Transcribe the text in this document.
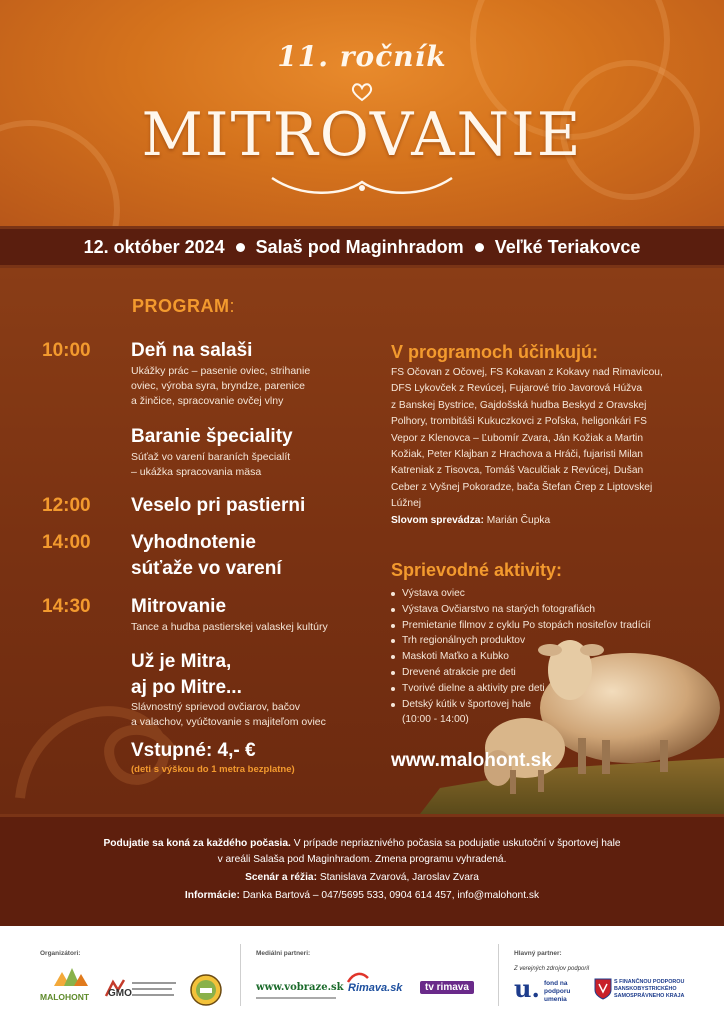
11. ročník
MITROVANIE
12. október 2024 Salaš pod Maginhradom Veľké Teriakovce
PROGRAM:
10:00 Deň na salaši
Ukážky prác – pasenie oviec, strihanie
oviec, výroba syra, bryndze, parenice
a žinčice, spracovanie ovčej vlny
Baranie špeciality
Súťaž vo varení baraních špecialít
– ukážka spracovania mäsa
12:00 Veselo pri pastierni
14:00 Vyhodnotenie
súťaže vo varení
14:30 Mitrovanie
Tance a hudba pastierskej valaskej kultúry
Už je Mitra,
aj po Mitre...
Slávnostný sprievod ovčiarov, bačov
a valachov, vyúčtovanie s majiteľom oviec
Vstupné: 4,- €
(deti s výškou do 1 metra bezplatne)
V programoch účinkujú:
FS Očovan z Očovej, FS Kokavan z Kokavy nad Rimavicou,
DFS Lykovček z Revúcej, Fujarové trio Javorová Húžva
z Banskej Bystrice, Gajdošská hudba Beskyd z Oravskej
Polhory, trombitáši Kukuczkovci z Poľska, heligonkári FS
Vepor z Klenovca – Ľubomír Zvara, Ján Kožiak a Martin
Kožiak, Peter Klajban z Hrachova a Hráči, fujaristi Milan
Katreniak z Tisovca, Tomáš Vaculčiak z Revúcej, Dušan
Ceber z Vyšnej Pokoradze, bača Štefan Črep z Liptovskej
Lúžnej
Slovom sprevádza: Marián Čupka
Sprievodné aktivity:
Výstava oviec
Výstava Ovčiarstvo na starých fotografiách
Premietanie filmov z cyklu Po stopách nositeľov tradícií
Trh regionálnych produktov
Maskoti Maťko a Kubko
Drevené atrakcie pre deti
Tvorivé dielne a aktivity pre deti
Detský kútik v športovej hale
(10:00 - 14:00)
www.malohont.sk
Podujatie sa koná za každého počasia. V prípade nepriaznivého počasia sa podujatie uskutoční v športovej hale
v areáli Salaša pod Maginhradom. Zmena programu vyhradená.
Scenár a réžia: Stanislava Zvarová, Jaroslav Zvara
Informácie: Danka Bartová – 047/5695 533, 0904 614 457, info@malohont.sk
Organizátori:	Mediálni partneri:	Hlavný partner:
MALOHONT GMO
www.vobraze.sk Rimava.sk	tv rimava
Z verejných zdrojov podporil
u. fond na podporu umenia
S FINANČNOU PODPOROU BANSKOBYSTRICKÉHO SAMOSPRÁVNEHO KRAJA
